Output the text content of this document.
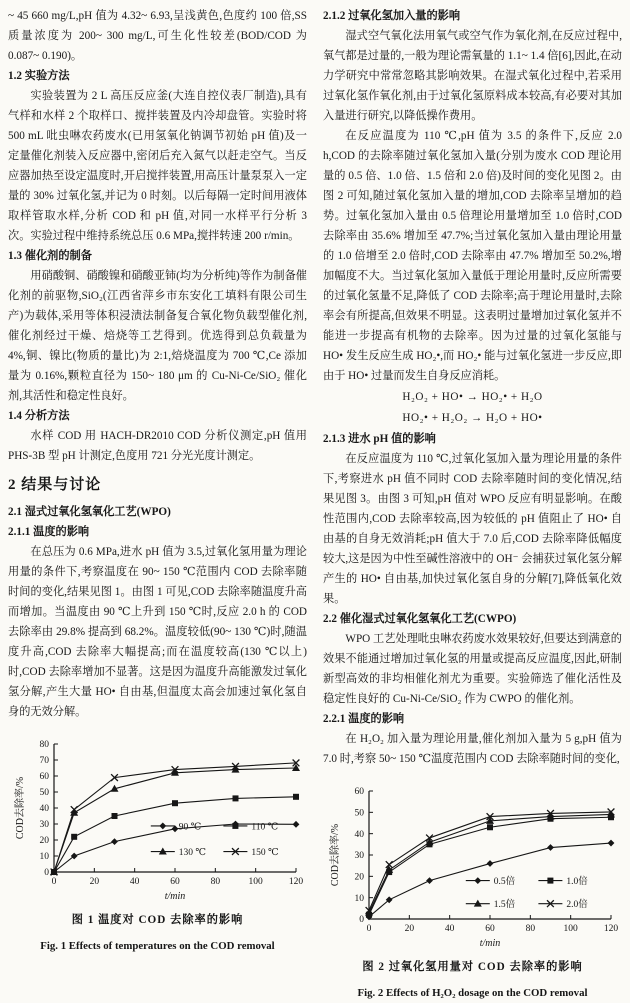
~ 45 660 mg/L,pH 值为 4.32~ 6.93,呈浅黄色,色度约 100 倍,SS 质量浓度为 200~ 300 mg/L,可生化性较差(BOD/COD 为 0.087~ 0.190)。

1.2 实验方法

实验装置为 2 L 高压反应釜(大连自控仪表厂制造),具有气样和水样 2 个取样口、搅拌装置及内冷却盘管。实验时将 500 mL 吡虫啉农药废水(已用氢氧化钠调节初始 pH 值)及一定量催化剂装入反应器中,密闭后充入氮气以赶走空气。当反应器加热至设定温度时,开启搅拌装置,用高压计量泵泵入一定量的 30% 过氧化氢,并记为 0 时刻。以后每隔一定时间用液体取样管取水样,分析 COD 和 pH 值,对同一水样平行分析 3 次。实验过程中维持系统总压 0.6 MPa,搅拌转速 200 r/min。

1.3 催化剂的制备

用硝酸铜、硝酸镍和硝酸亚铈(均为分析纯)等作为制备催化剂的前驱物,SiO₂(江西省萍乡市东安化工填料有限公司生产)为载体,采用等体积浸渍法制备复合氧化物负载型催化剂,催化剂经过干燥、焙烧等工艺得到。优选得到总负载量为 4%,铜、镍比(物质的量比)为 2:1,焙烧温度为 700 ℃,Ce 添加量为 0.16%,颗粒直径为 150~ 180 μm 的 Cu-Ni-Ce/SiO₂ 催化剂,其活性和稳定性良好。

1.4 分析方法

水样 COD 用 HACH-DR2010 COD 分析仪测定,pH 值用 PHS-3B 型 pH 计测定,色度用 721 分光光度计测定。

2 结果与讨论

2.1 湿式过氧化氢氧化工艺(WPO)

2.1.1 温度的影响

在总压为 0.6 MPa,进水 pH 值为 3.5,过氧化氢用量为理论用量的条件下,考察温度在 90~ 150 ℃范围内 COD 去除率随时间的变化,结果见图 1。由图 1 可见,COD 去除率随温度升高而增加。当温度由 90 ℃上升到 150 ℃时,反应 2.0 h 的 COD 去除率由 29.8% 提高到 68.2%。温度较低(90~ 130 ℃)时,随温度升高,COD 去除率大幅提高;而在温度较高(130 ℃以上)时,COD 去除率增加不显著。这是因为温度升高能激发过氧化氢分解,产生大量 HO• 自由基,但温度太高会加速过氧化氢自身的无效分解。

0
10
20
30
40
50
60
70
80
0	20	40	60	80	100	120
t/min
COD去除率/%	90 ℃	110 ℃
130 ℃	150 ℃
图 1 温度对 COD 去除率的影响
Fig. 1 Effects of temperatures on the COD removal

2.1.2 过氧化氢加入量的影响

湿式空气氧化法用氧气或空气作为氧化剂,在反应过程中,氧气都是过量的,一般为理论需氧量的 1.1~ 1.4 倍[6],因此,在动力学研究中常常忽略其影响效果。在湿式氧化过程中,若采用过氧化氢作氧化剂,由于过氧化氢原料成本较高,有必要对其加入量进行研究,以降低操作费用。

在反应温度为 110 ℃,pH 值为 3.5 的条件下,反应 2.0 h,COD 的去除率随过氧化氢加入量(分别为废水 COD 理论用量的 0.5 倍、1.0 倍、1.5 倍和 2.0 倍)及时间的变化见图 2。由图 2 可知,随过氧化氢加入量的增加,COD 去除率呈增加的趋势。过氧化氢加入量由 0.5 倍理论用量增加至 1.0 倍时,COD 去除率由 35.6% 增加至 47.7%;当过氧化氢加入量由理论用量的 1.0 倍增至 2.0 倍时,COD 去除率由 47.7% 增加至 50.2%,增加幅度不大。当过氧化氢加入量低于理论用量时,反应所需要的过氧化氢量不足,降低了 COD 去除率;高于理论用量时,去除率会有所提高,但效果不明显。这表明过量增加过氧化氢并不能进一步提高有机物的去除率。因为过量的过氧化氢能与 HO• 发生反应生成 HO₂•,而 HO₂• 能与过氧化氢进一步反应,即由于 HO• 过量而发生自身反应消耗。

H₂O₂ + HO• → HO₂• + H₂O

HO₂• + H₂O₂ → H₂O + HO•

2.1.3 进水 pH 值的影响

在反应温度为 110 ℃,过氧化氢加入量为理论用量的条件下,考察进水 pH 值不同时 COD 去除率随时间的变化情况,结果见图 3。由图 3 可知,pH 值对 WPO 反应有明显影响。在酸性范围内,COD 去除率较高,因为较低的 pH 值阻止了 HO• 自由基的自身无效消耗;pH 值大于 7.0 后,COD 去除率降低幅度较大,这是因为中性至碱性溶液中的 OH⁻ 会捕获过氧化氢分解产生的 HO• 自由基,加快过氧化氢自身的分解[7],降低氧化效果。

2.2 催化湿式过氧化氢氧化工艺(CWPO)

WPO 工艺处理吡虫啉农药废水效果较好,但要达到满意的效果不能通过增加过氧化氢的用量或提高反应温度,因此,研制新型高效的非均相催化剂尤为重要。实验筛选了催化活性及稳定性良好的 Cu-Ni-Ce/SiO₂ 作为 CWPO 的催化剂。

2.2.1 温度的影响

在 H₂O₂ 加入量为理论用量,催化剂加入量为 5 g,pH 值为 7.0 时,考察 50~ 150 ℃温度范围内 COD 去除率随时间的变化,

0
10
20
30
40
50
60
0	20	40	60	80	100	120
t/min
COD去除率/%	0.5倍	1.0倍
1.5倍	2.0倍
图 2 过氧化氢用量对 COD 去除率的影响
Fig. 2 Effects of H₂O₂ dosage on the COD removal
